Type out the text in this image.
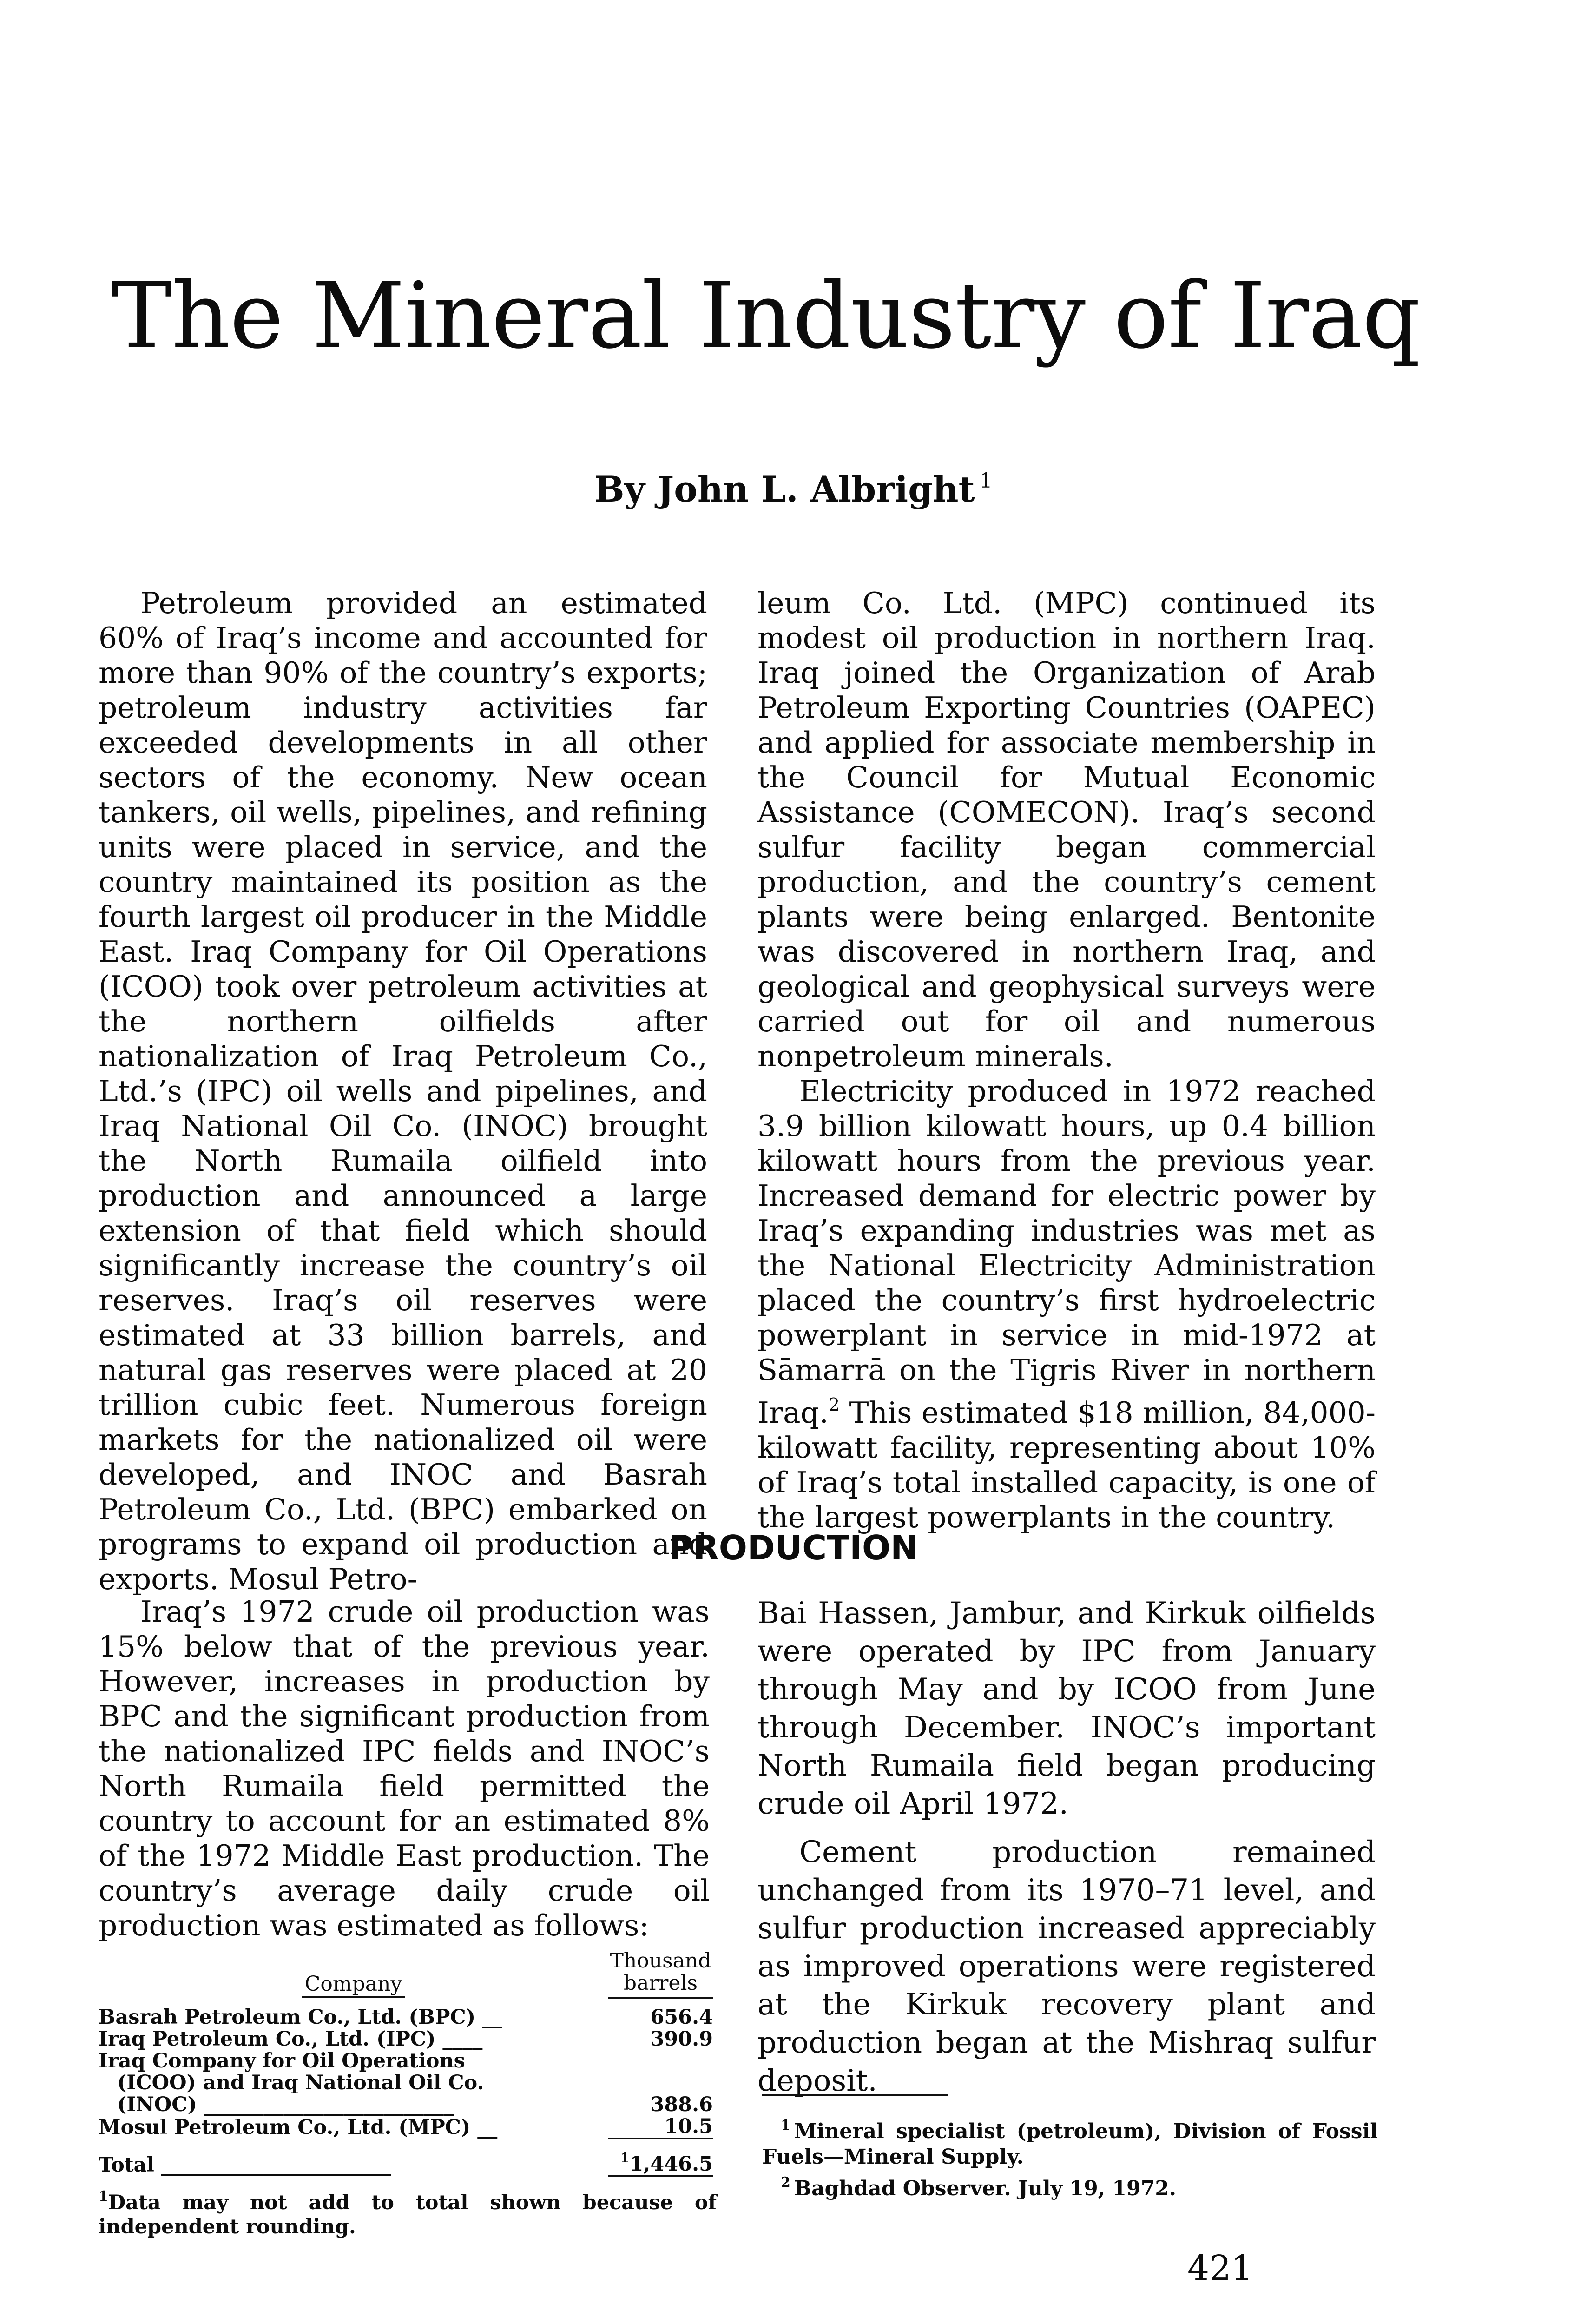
The Mineral Industry of Iraq
By John L. Albright $^1$

Petroleum provided an estimated 60% of Iraq’s income and accounted for more than 90% of the country’s exports; petroleum industry activities far exceeded developments in all other sectors of the economy. New ocean tankers, oil wells, pipelines, and refining units were placed in service, and the country maintained its position as the fourth largest oil producer in the Middle East. Iraq Company for Oil Operations (ICOO) took over petroleum activities at the northern oilfields after nationalization of Iraq Petroleum Co., Ltd.’s (IPC) oil wells and pipelines, and Iraq National Oil Co. (INOC) brought the North Rumaila oilfield into production and announced a large extension of that field which should significantly increase the country’s oil reserves. Iraq’s oil reserves were estimated at 33 billion barrels, and natural gas reserves were placed at 20 trillion cubic feet. Numerous foreign markets for the nationalized oil were developed, and INOC and Basrah Petroleum Co., Ltd. (BPC) embarked on programs to expand oil production and exports. Mosul Petro-

leum Co. Ltd. (MPC) continued its modest oil production in northern Iraq. Iraq joined the Organization of Arab Petroleum Exporting Countries (OAPEC) and applied for associate membership in the Council for Mutual Economic Assistance (COMECON). Iraq’s second sulfur facility began commercial production, and the country’s cement plants were being enlarged. Bentonite was discovered in northern Iraq, and geological and geophysical surveys were carried out for oil and numerous nonpetroleum minerals.

Electricity produced in 1972 reached 3.9 billion kilowatt hours, up 0.4 billion kilowatt hours from the previous year. Increased demand for electric power by Iraq’s expanding industries was met as the National Electricity Administration placed the country’s first hydroelectric powerplant in service in mid-1972 at Sāmarrā on the Tigris River in northern Iraq.$^2$ This estimated $18 million, 84,000-kilowatt facility, representing about 10% of Iraq’s total installed capacity, is one of the largest powerplants in the country.

PRODUCTION

Iraq’s 1972 crude oil production was 15% below that of the previous year. However, increases in production by BPC and the significant production from the nationalized IPC fields and INOC’s North Rumaila field permitted the country to account for an estimated 8% of the 1972 Middle East production. The country’s average daily crude oil production was estimated as follows:

Company	Thousand
barrels
Basrah Petroleum Co., Ltd. (BPC) __	656.4
Iraq Petroleum Co., Ltd. (IPC) ____	390.9
Iraq Company for Oil Operations	
(ICOO) and Iraq National Oil Co.	
(INOC) _________________________	388.6
Mosul Petroleum Co., Ltd. (MPC) __	10.5
Total _______________________	$^1$1,446.5
$^1$Data may not add to total shown because of independent rounding.

Bai Hassen, Jambur, and Kirkuk oilfields were operated by IPC from January through May and by ICOO from June through December. INOC’s important North Rumaila field began producing crude oil April 1972.

Cement production remained unchanged from its 1970–71 level, and sulfur production increased appreciably as improved operations were registered at the Kirkuk recovery plant and production began at the Mishraq sulfur deposit.

$^1$ Mineral specialist (petroleum), Division of Fossil Fuels—Mineral Supply.
$^2$ Baghdad Observer. July 19, 1972.
421
